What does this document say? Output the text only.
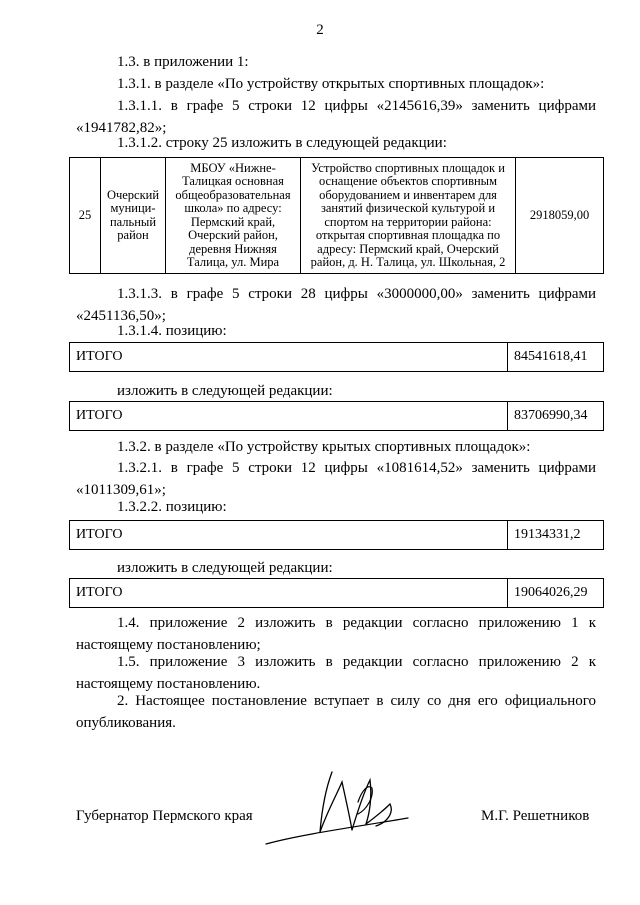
2
1.3. в приложении 1:
1.3.1. в разделе «По устройству открытых спортивных площадок»:
1.3.1.1. в графе 5 строки 12 цифры «2145616,39» заменить цифрами «1941782,82»;
1.3.1.2. строку 25 изложить в следующей редакции:
25	Очерский муници- пальный район	МБОУ «Нижне- Талицкая основная общеобразовательная школа» по адресу: Пермский край, Очерский район, деревня Нижняя Талица, ул. Мира	Устройство спортивных площадок и оснащение объектов спортивным оборудованием и инвентарем для занятий физической культурой и спортом на территории района: открытая спортивная площадка по адресу: Пермский край, Очерский район, д. Н. Талица, ул. Школьная, 2	2918059,00
1.3.1.3. в графе 5 строки 28 цифры «3000000,00» заменить цифрами «2451136,50»;
1.3.1.4. позицию:
ИТОГО	84541618,41
изложить в следующей редакции:
ИТОГО	83706990,34
1.3.2. в разделе «По устройству крытых спортивных площадок»:
1.3.2.1. в графе 5 строки 12 цифры «1081614,52» заменить цифрами «1011309,61»;
1.3.2.2. позицию:
ИТОГО	19134331,2
изложить в следующей редакции:
ИТОГО	19064026,29
1.4. приложение 2 изложить в редакции согласно приложению 1 к настоящему постановлению;
1.5. приложение 3 изложить в редакции согласно приложению 2 к настоящему постановлению.
2. Настоящее постановление вступает в силу со дня его официального опубликования.
Губернатор Пермского края	М.Г. Решетников
